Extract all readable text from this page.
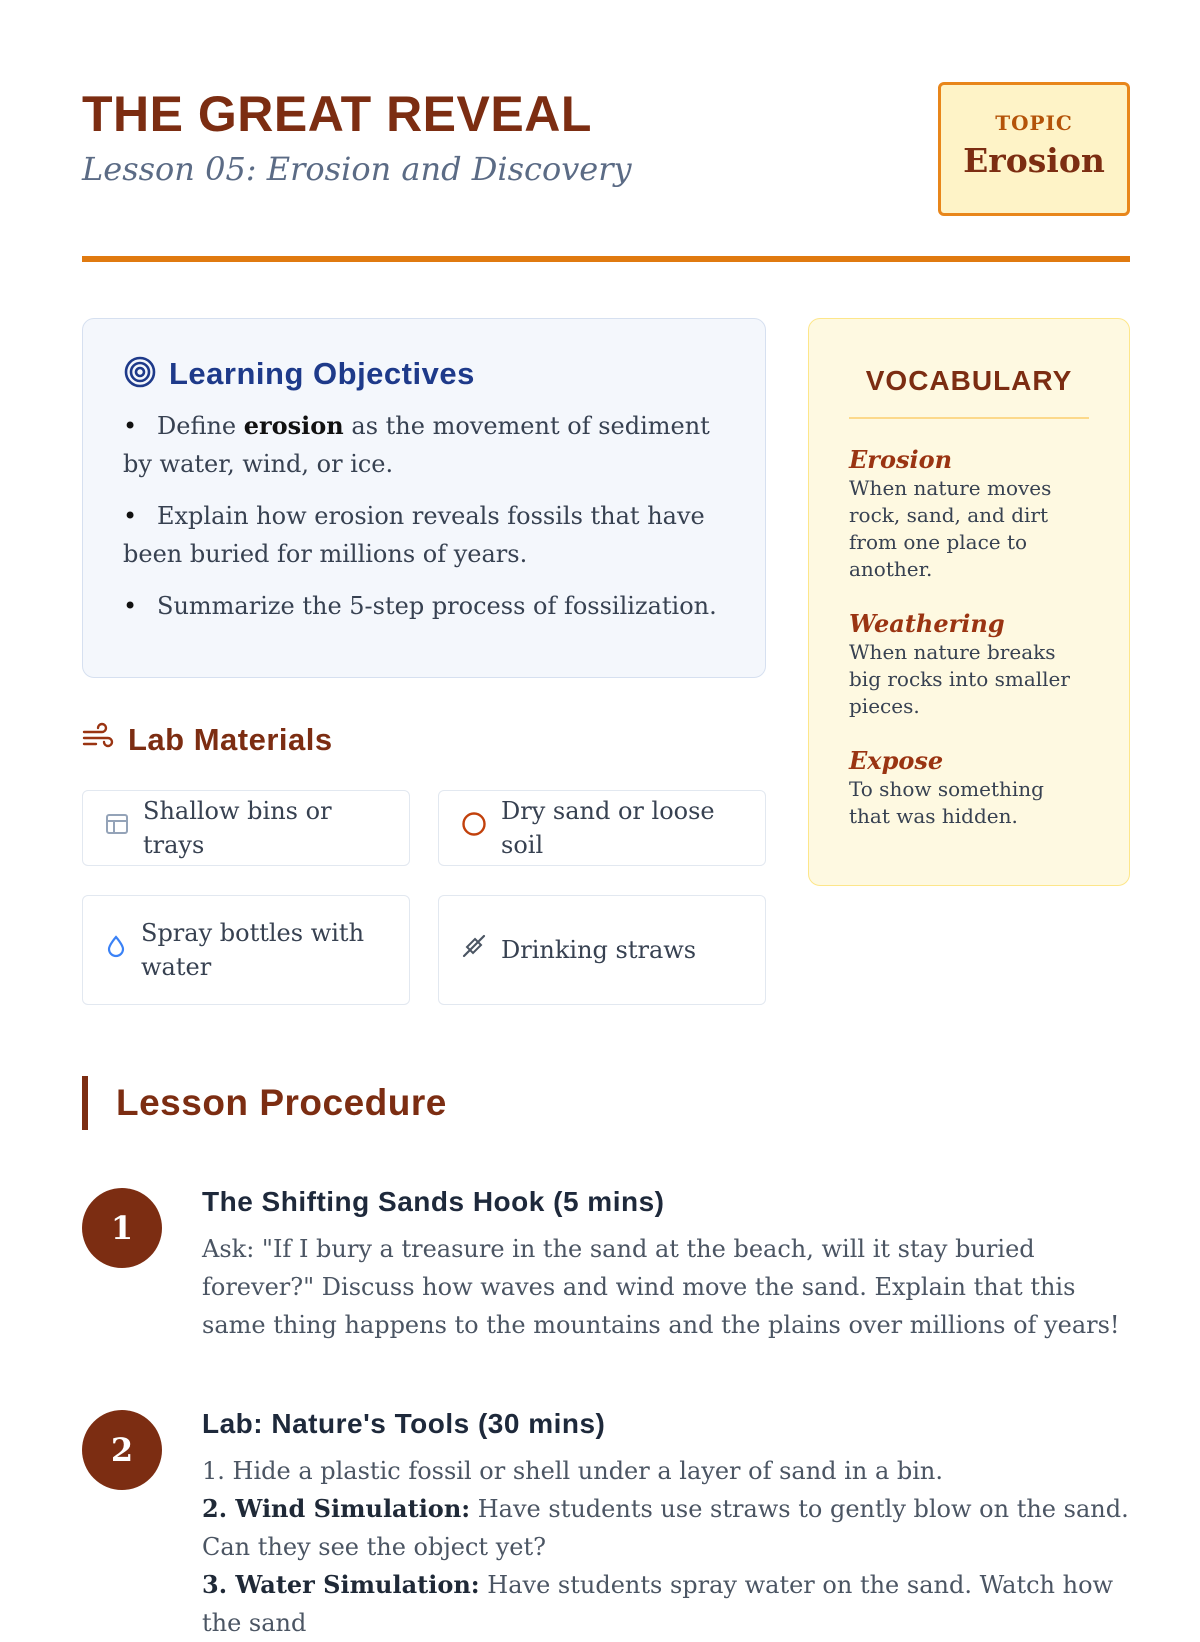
THE GREAT REVEAL
Lesson 05: Erosion and Discovery
TOPIC
Erosion
Learning Objectives
• Define erosion as the movement of sediment by water, wind, or ice.
• Explain how erosion reveals fossils that have been buried for millions of years.
• Summarize the 5-step process of fossilization.
Lab Materials
Shallow bins or trays
Dry sand or loose soil
Spray bottles with water
Drinking straws
VOCABULARY
Erosion
When nature moves rock, sand, and dirt from one place to another.
Weathering
When nature breaks big rocks into smaller pieces.
Expose
To show something that was hidden.
Lesson Procedure
1
The Shifting Sands Hook (5 mins)
Ask: "If I bury a treasure in the sand at the beach, will it stay buried forever?" Discuss how waves and wind move the sand. Explain that this same thing happens to the mountains and the plains over millions of years!
2
Lab: Nature's Tools (30 mins)
1. Hide a plastic fossil or shell under a layer of sand in a bin.
2. Wind Simulation: Have students use straws to gently blow on the sand. Can they see the object yet?
3. Water Simulation: Have students spray water on the sand. Watch how the sand
